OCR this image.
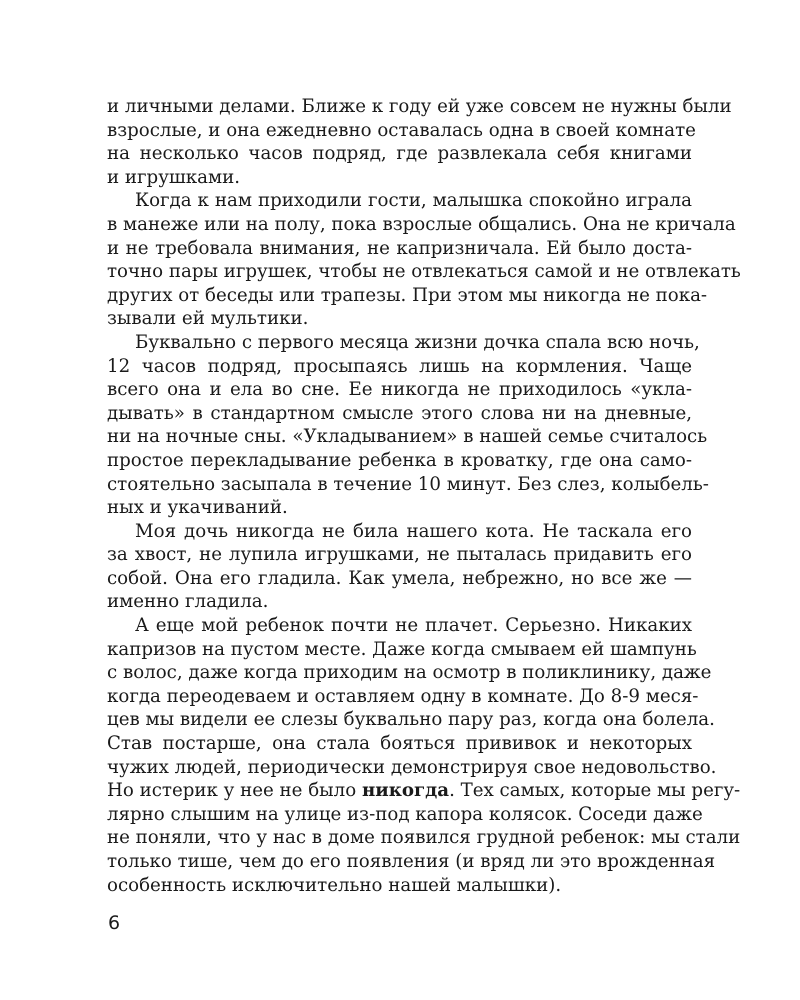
и личными делами. Ближе к году ей уже совсем не нужны были
взрослые, и она ежедневно оставалась одна в своей комнате
на несколько часов подряд, где развлекала себя книгами
и игрушками.
Когда к нам приходили гости, малышка спокойно играла
в манеже или на полу, пока взрослые общались. Она не кричала
и не требовала внимания, не капризничала. Ей было доста-
точно пары игрушек, чтобы не отвлекаться самой и не отвлекать
других от беседы или трапезы. При этом мы никогда не пока-
зывали ей мультики.
Буквально с первого месяца жизни дочка спала всю ночь,
12 часов подряд, просыпаясь лишь на кормления. Чаще
всего она и ела во сне. Ее никогда не приходилось «укла-
дывать» в стандартном смысле этого слова ни на дневные,
ни на ночные сны. «Укладыванием» в нашей семье считалось
простое перекладывание ребенка в кроватку, где она само-
стоятельно засыпала в течение 10 минут. Без слез, колыбель-
ных и укачиваний.
Моя дочь никогда не била нашего кота. Не таскала его
за хвост, не лупила игрушками, не пыталась придавить его
собой. Она его гладила. Как умела, небрежно, но все же —
именно гладила.
А еще мой ребенок почти не плачет. Серьезно. Никаких
капризов на пустом месте. Даже когда смываем ей шампунь
с волос, даже когда приходим на осмотр в поликлинику, даже
когда переодеваем и оставляем одну в комнате. До 8-9 меся-
цев мы видели ее слезы буквально пару раз, когда она болела.
Став постарше, она стала бояться прививок и некоторых
чужих людей, периодически демонстрируя свое недовольство.
Но истерик у нее не было никогда. Тех самых, которые мы регу-
лярно слышим на улице из-под капора колясок. Соседи даже
не поняли, что у нас в доме появился грудной ребенок: мы стали
только тише, чем до его появления (и вряд ли это врожденная
особенность исключительно нашей малышки).
6
